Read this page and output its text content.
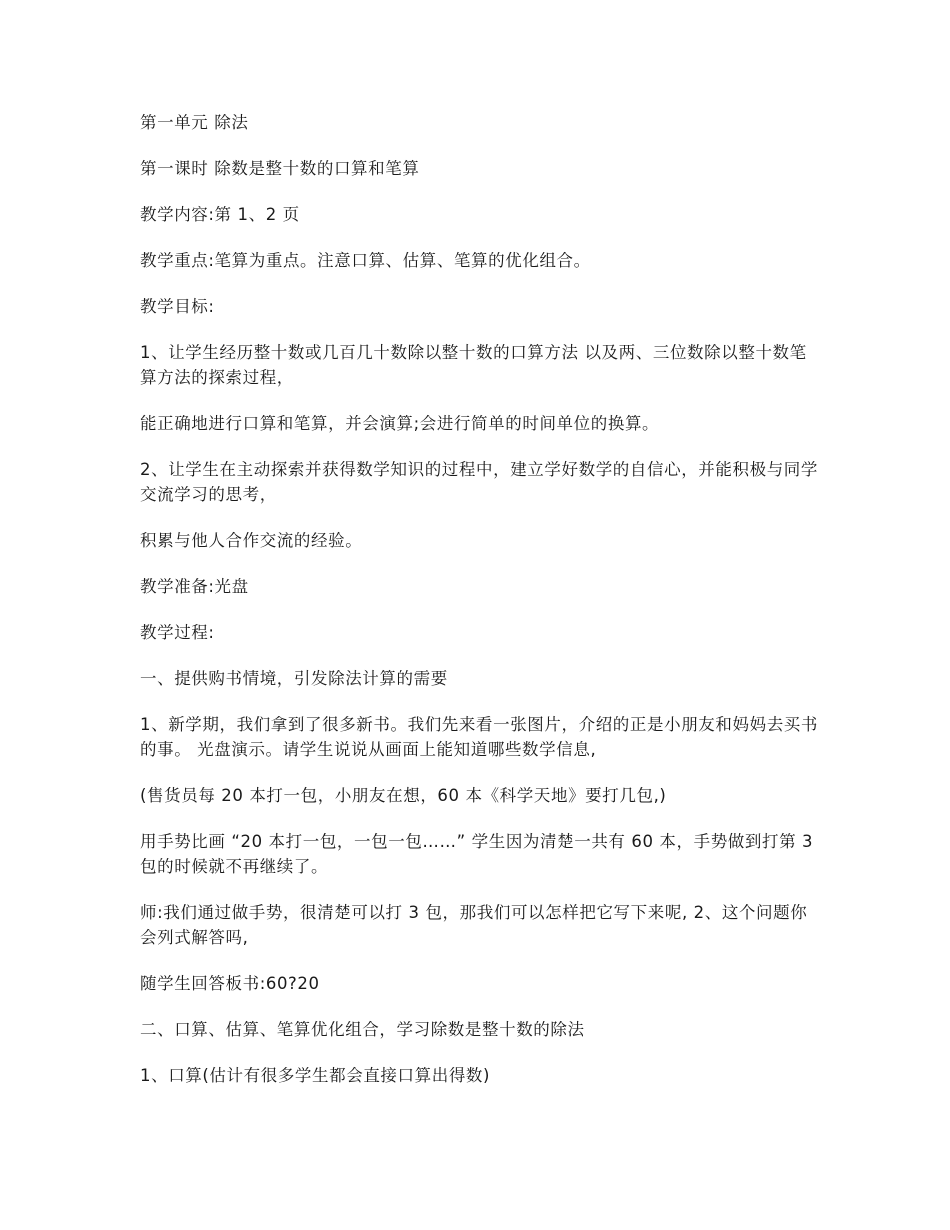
第一单元 除法

第一课时 除数是整十数的口算和笔算

教学内容:第 1、2 页

教学重点:笔算为重点。注意口算、估算、笔算的优化组合。

教学目标:

1、让学生经历整十数或几百几十数除以整十数的口算方法 以及两、三位数除以整十数笔算方法的探索过程，

能正确地进行口算和笔算，并会演算;会进行简单的时间单位的换算。

2、让学生在主动探索并获得数学知识的过程中，建立学好数学的自信心，并能积极与同学交流学习的思考，

积累与他人合作交流的经验。

教学准备:光盘

教学过程:

一、提供购书情境，引发除法计算的需要

1、新学期，我们拿到了很多新书。我们先来看一张图片，介绍的正是小朋友和妈妈去买书的事。 光盘演示。请学生说说从画面上能知道哪些数学信息,

(售货员每 20 本打一包，小朋友在想，60 本《科学天地》要打几包,)

用手势比画 “20 本打一包，一包一包……” 学生因为清楚一共有 60 本，手势做到打第 3 包的时候就不再继续了。

师:我们通过做手势，很清楚可以打 3 包，那我们可以怎样把它写下来呢, 2、这个问题你会列式解答吗,

随学生回答板书:60?20

二、口算、估算、笔算优化组合，学习除数是整十数的除法

1、口算(估计有很多学生都会直接口算出得数)
